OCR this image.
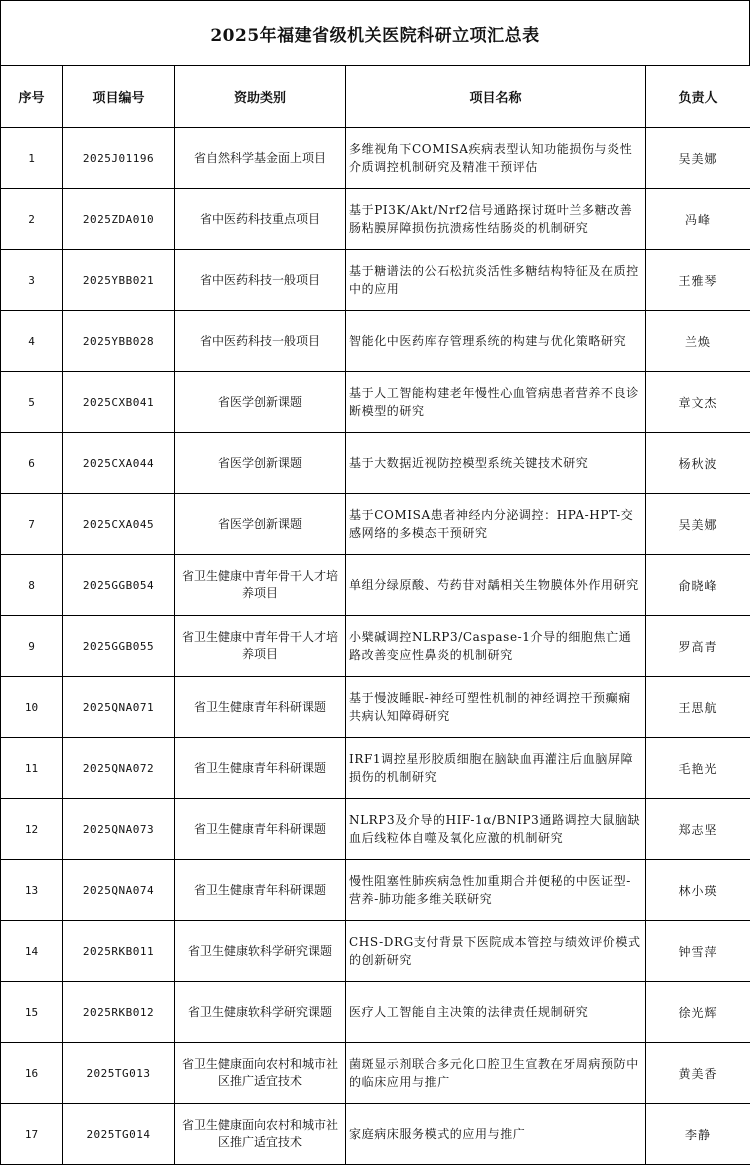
2025年福建省级机关医院科研立项汇总表
序号	项目编号	资助类别	项目名称	负责人
1	2025J01196	省自然科学基金面上项目	多维视角下COMISA疾病表型认知功能损伤与炎性介质调控机制研究及精准干预评估	吴美娜
2	2025ZDA010	省中医药科技重点项目	基于PI3K/Akt/Nrf2信号通路探讨斑叶兰多糖改善肠粘膜屏障损伤抗溃疡性结肠炎的机制研究	冯峰
3	2025YBB021	省中医药科技一般项目	基于糖谱法的公石松抗炎活性多糖结构特征及在质控中的应用	王雅琴
4	2025YBB028	省中医药科技一般项目	智能化中医药库存管理系统的构建与优化策略研究	兰焕
5	2025CXB041	省医学创新课题	基于人工智能构建老年慢性心血管病患者营养不良诊断模型的研究	章文杰
6	2025CXA044	省医学创新课题	基于大数据近视防控模型系统关键技术研究	杨秋波
7	2025CXA045	省医学创新课题	基于COMISA患者神经内分泌调控：HPA-HPT-交感网络的多模态干预研究	吴美娜
8	2025GGB054	省卫生健康中青年骨干人才培养项目	单组分绿原酸、芍药苷对龋相关生物膜体外作用研究	俞晓峰
9	2025GGB055	省卫生健康中青年骨干人才培养项目	小檗碱调控NLRP3/Caspase-1介导的细胞焦亡通路改善变应性鼻炎的机制研究	罗高青
10	2025QNA071	省卫生健康青年科研课题	基于慢波睡眠-神经可塑性机制的神经调控干预癫痫共病认知障碍研究	王思航
11	2025QNA072	省卫生健康青年科研课题	IRF1调控星形胶质细胞在脑缺血再灌注后血脑屏障损伤的机制研究	毛艳光
12	2025QNA073	省卫生健康青年科研课题	NLRP3及介导的HIF-1α/BNIP3通路调控大鼠脑缺血后线粒体自噬及氧化应激的机制研究	郑志坚
13	2025QNA074	省卫生健康青年科研课题	慢性阻塞性肺疾病急性加重期合并便秘的中医证型-营养-肺功能多维关联研究	林小瑛
14	2025RKB011	省卫生健康软科学研究课题	CHS-DRG支付背景下医院成本管控与绩效评价模式的创新研究	钟雪萍
15	2025RKB012	省卫生健康软科学研究课题	医疗人工智能自主决策的法律责任规制研究	徐光辉
16	2025TG013	省卫生健康面向农村和城市社区推广适宜技术	菌斑显示剂联合多元化口腔卫生宣教在牙周病预防中的临床应用与推广	黄美香
17	2025TG014	省卫生健康面向农村和城市社区推广适宜技术	家庭病床服务模式的应用与推广	李静
